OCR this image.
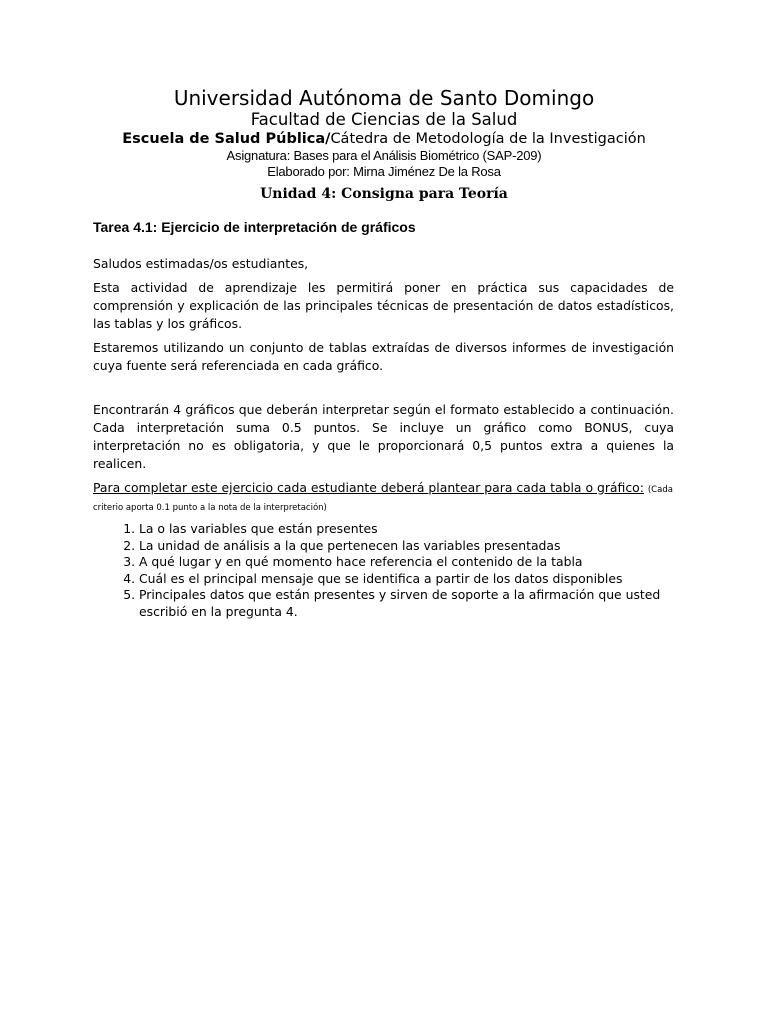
Universidad Autónoma de Santo Domingo
Facultad de Ciencias de la Salud
Escuela de Salud Pública/Cátedra de Metodología de la Investigación
Asignatura: Bases para el Análisis Biométrico (SAP-209)
Elaborado por: Mirna Jiménez De la Rosa
Unidad 4: Consigna para Teoría
Tarea 4.1: Ejercicio de interpretación de gráficos

Saludos estimadas/os estudiantes,

Esta actividad de aprendizaje les permitirá poner en práctica sus capacidades de comprensión y explicación de las principales técnicas de presentación de datos estadísticos, las tablas y los gráficos.

Estaremos utilizando un conjunto de tablas extraídas de diversos informes de investigación cuya fuente será referenciada en cada gráfico.

Encontrarán 4 gráficos que deberán interpretar según el formato establecido a continuación. Cada interpretación suma 0.5 puntos. Se incluye un gráfico como BONUS, cuya interpretación no es obligatoria, y que le proporcionará 0,5 puntos extra a quienes la realicen.

Para completar este ejercicio cada estudiante deberá plantear para cada tabla o gráfico: (Cada criterio aporta 0.1 punto a la nota de la interpretación)

1. La o las variables que están presentes
2. La unidad de análisis a la que pertenecen las variables presentadas
3. A qué lugar y en qué momento hace referencia el contenido de la tabla
4. Cuál es el principal mensaje que se identifica a partir de los datos disponibles
5. Principales datos que están presentes y sirven de soporte a la afirmación que usted escribió en la pregunta 4.
